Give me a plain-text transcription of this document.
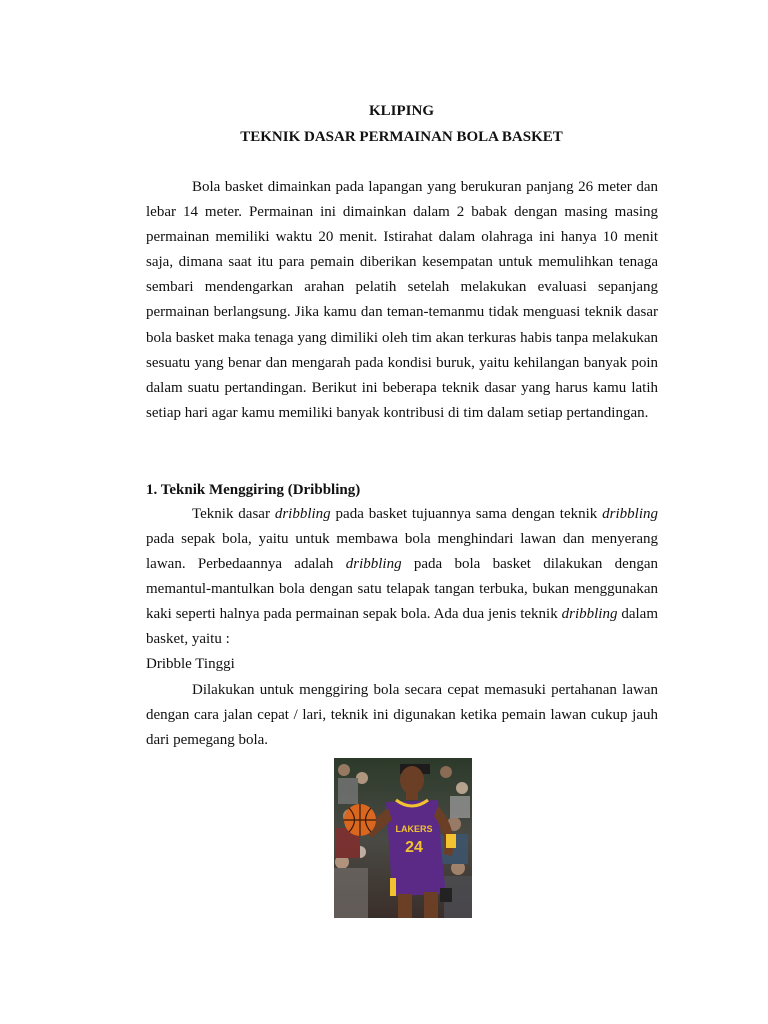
KLIPING
TEKNIK DASAR PERMAINAN BOLA BASKET

Bola basket dimainkan pada lapangan yang berukuran panjang 26 meter dan lebar 14 meter. Permainan ini dimainkan dalam 2 babak dengan masing masing permainan memiliki waktu 20 menit. Istirahat dalam olahraga ini hanya 10 menit saja, dimana saat itu para pemain diberikan kesempatan untuk memulihkan tenaga sembari mendengarkan arahan pelatih setelah melakukan evaluasi sepanjang permainan berlangsung. Jika kamu dan teman-temanmu tidak menguasi teknik dasar bola basket maka tenaga yang dimiliki oleh tim akan terkuras habis tanpa melakukan sesuatu yang benar dan mengarah pada kondisi buruk, yaitu kehilangan banyak poin dalam suatu pertandingan. Berikut ini beberapa teknik dasar yang harus kamu latih setiap hari agar kamu memiliki banyak kontribusi di tim dalam setiap pertandingan.

1. Teknik Menggiring (Dribbling)

Teknik dasar dribbling pada basket tujuannya sama dengan teknik dribbling pada sepak bola, yaitu untuk membawa bola menghindari lawan dan menyerang lawan. Perbedaannya adalah dribbling pada bola basket dilakukan dengan memantul-mantulkan bola dengan satu telapak tangan terbuka, bukan menggunakan kaki seperti halnya pada permainan sepak bola. Ada dua jenis teknik dribbling dalam basket, yaitu :

Dribble Tinggi

Dilakukan untuk menggiring bola secara cepat memasuki pertahanan lawan dengan cara jalan cepat / lari, teknik ini digunakan ketika pemain lawan cukup jauh dari pemegang bola.

LAKERS
24
